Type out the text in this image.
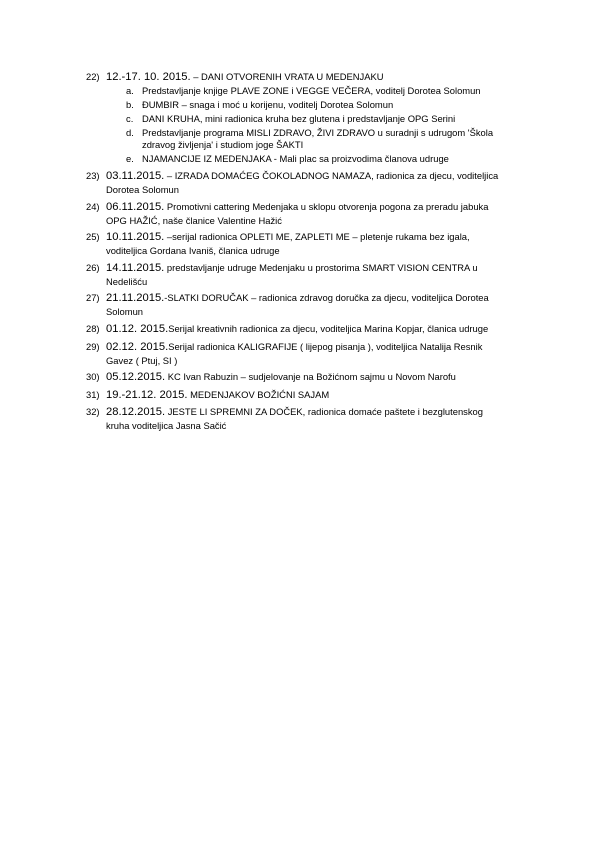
22) 12.-17. 10. 2015. – DANI OTVORENIH VRATA U MEDENJAKU
a. Predstavljanje knjige PLAVE ZONE i VEGGE VEČERA, voditelj Dorotea Solomun
b. ĐUMBIR – snaga i moć u korijenu, voditelj Dorotea Solomun
c. DANI KRUHA, mini radionica kruha bez glutena i predstavljanje OPG Serini
d. Predstavljanje programa MISLI ZDRAVO, ŽIVI ZDRAVO u suradnji s udrugom 'Škola zdravog življenja' i studiom joge ŠAKTI
e. NJAMANCIJE IZ MEDENJAKA - Mali plac sa proizvodima članova udruge
23) 03.11.2015. – IZRADA DOMAĆEG ČOKOLADNOG NAMAZA, radionica za djecu, voditeljica Dorotea Solomun
24) 06.11.2015. Promotivni cattering Medenjaka u sklopu otvorenja pogona za preradu jabuka OPG HAŽIĆ, naše članice Valentine Hažić
25) 10.11.2015. –serijal radionica OPLETI ME, ZAPLETI ME – pletenje rukama bez igala, voditeljica Gordana Ivaniš, članica udruge
26) 14.11.2015. predstavljanje udruge Medenjaku u prostorima SMART VISION CENTRA u Nedelišću
27) 21.11.2015.-SLATKI DORUČAK – radionica zdravog doručka za djecu, voditeljica Dorotea Solomun
28) 01.12. 2015.Serijal kreativnih radionica za djecu, voditeljica Marina Kopjar, članica udruge
29) 02.12. 2015.Serijal radionica KALIGRAFIJE ( lijepog pisanja ), voditeljica Natalija Resnik Gavez ( Ptuj, SI )
30) 05.12.2015. KC Ivan Rabuzin – sudjelovanje na Božićnom sajmu u Novom Narofu
31) 19.-21.12. 2015. MEDENJAKOV BOŽIĆNI SAJAM
32) 28.12.2015. JESTE LI SPREMNI ZA DOČEK, radionica domaće paštete i bezglutenskog kruha voditeljica Jasna Sačić
